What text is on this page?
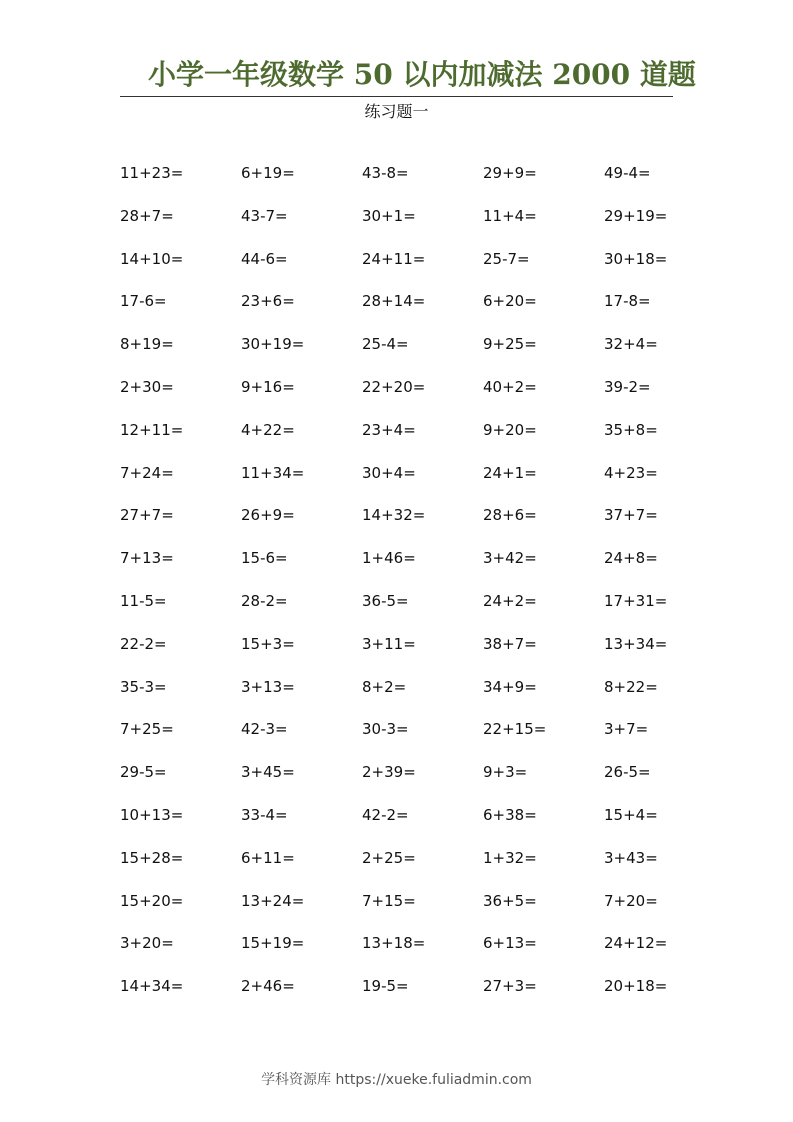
小学一年级数学 50 以内加减法 2000 道题
练习题一
11+23=	6+19=	43-8=	29+9=	49-4=
28+7=	43-7=	30+1=	11+4=	29+19=
14+10=	44-6=	24+11=	25-7=	30+18=
17-6=	23+6=	28+14=	6+20=	17-8=
8+19=	30+19=	25-4=	9+25=	32+4=
2+30=	9+16=	22+20=	40+2=	39-2=
12+11=	4+22=	23+4=	9+20=	35+8=
7+24=	11+34=	30+4=	24+1=	4+23=
27+7=	26+9=	14+32=	28+6=	37+7=
7+13=	15-6=	1+46=	3+42=	24+8=
11-5=	28-2=	36-5=	24+2=	17+31=
22-2=	15+3=	3+11=	38+7=	13+34=
35-3=	3+13=	8+2=	34+9=	8+22=
7+25=	42-3=	30-3=	22+15=	3+7=
29-5=	3+45=	2+39=	9+3=	26-5=
10+13=	33-4=	42-2=	6+38=	15+4=
15+28=	6+11=	2+25=	1+32=	3+43=
15+20=	13+24=	7+15=	36+5=	7+20=
3+20=	15+19=	13+18=	6+13=	24+12=
14+34=	2+46=	19-5=	27+3=	20+18=
学科资源库 https://xueke.fuliadmin.com
